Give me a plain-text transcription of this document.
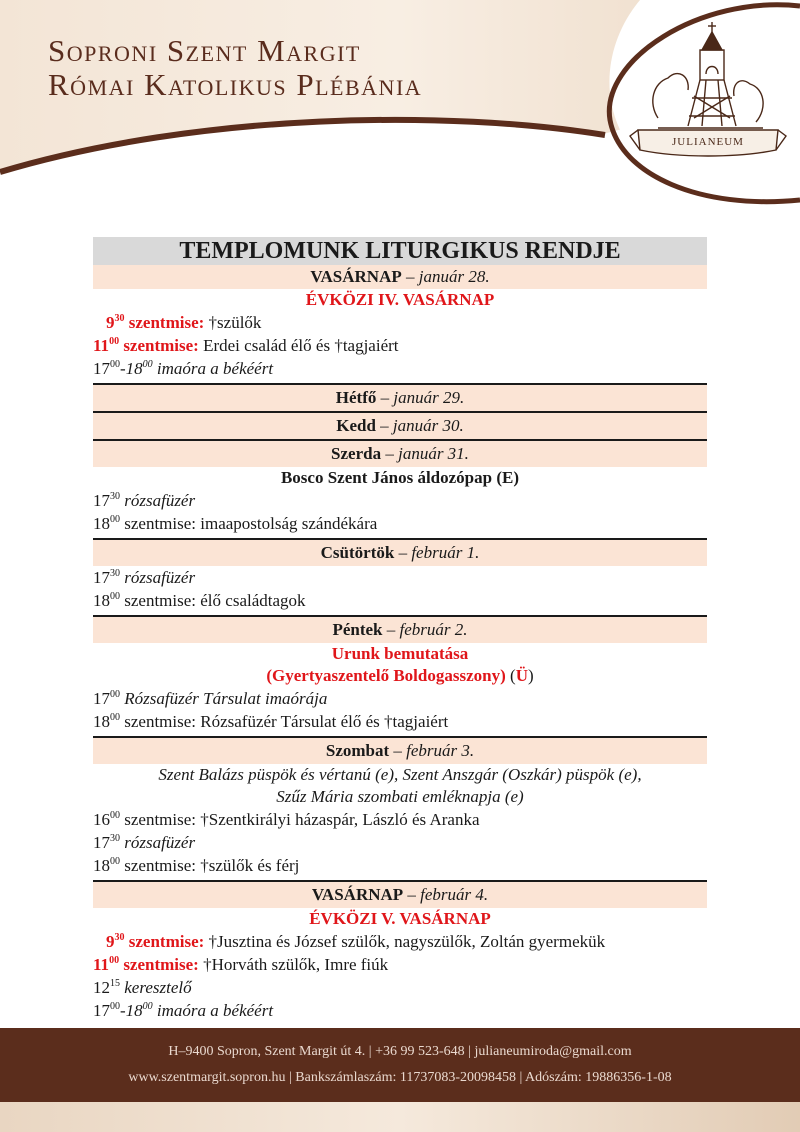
Soproni Szent Margit
Római Katolikus Plébánia
JULIANEUM
TEMPLOMUNK LITURGIKUS RENDJE
VASÁRNAP – január 28.
ÉVKÖZI IV. VASÁRNAP
$9^{30}$ szentmise: †szülők
$11^{00}$ szentmise: Erdei család élő és †tagjaiért
$17^{00}-18^{00}$ imaóra a békéért
Hétfő – január 29.
Kedd – január 30.
Szerda – január 31.
Bosco Szent János áldozópap (E)
$17^{30}$ rózsafüzér
$18^{00}$ szentmise: imaapostolság szándékára
Csütörtök – február 1.
$17^{30}$ rózsafüzér
$18^{00}$ szentmise: élő családtagok
Péntek – február 2.
Urunk bemutatása
(Gyertyaszentelő Boldogasszony) (Ü)
$17^{00}$ Rózsafüzér Társulat imaórája
$18^{00}$ szentmise: Rózsafüzér Társulat élő és †tagjaiért
Szombat – február 3.
Szent Balázs püspök és vértanú (e), Szent Anszgár (Oszkár) püspök (e),
Szűz Mária szombati emléknapja (e)
$16^{00}$ szentmise: †Szentkirályi házaspár, László és Aranka
$17^{30}$ rózsafüzér
$18^{00}$ szentmise: †szülők és férj
VASÁRNAP – február 4.
ÉVKÖZI V. VASÁRNAP
$9^{30}$ szentmise: †Jusztina és József szülők, nagyszülők, Zoltán gyermekük
$11^{00}$ szentmise: †Horváth szülők, Imre fiúk
$12^{15}$ keresztelő
$17^{00}-18^{00}$ imaóra a békéért
H–9400 Sopron, Szent Margit út 4. | +36 99 523-648 | julianeumiroda@gmail.com
www.szentmargit.sopron.hu | Bankszámlaszám: 11737083-20098458 | Adószám: 19886356-1-08
